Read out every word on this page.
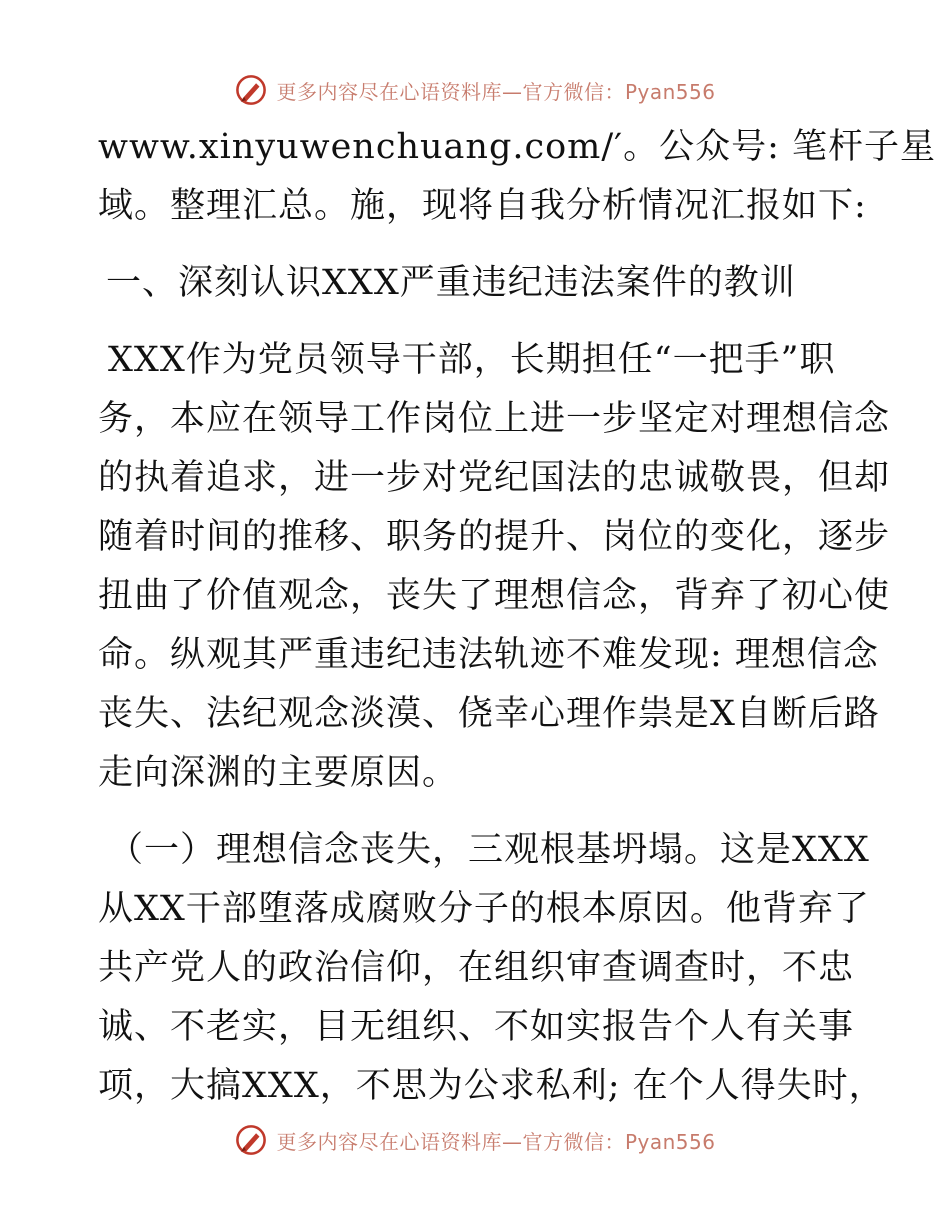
更多内容尽在心语资料库—官方微信：Pyan556
www.xinyuwenchuang.com/′。公众号: 笔杆子星
域。整理汇总。施，现将自我分析情况汇报如下:
一、深刻认识XXX严重违纪违法案件的教训
XXX作为党员领导干部，长期担任“一把手”职
务，本应在领导工作岗位上进一步坚定对理想信念
的执着追求，进一步对党纪国法的忠诚敬畏，但却
随着时间的推移、职务的提升、岗位的变化，逐步
扭曲了价值观念，丧失了理想信念，背弃了初心使
命。纵观其严重违纪违法轨迹不难发现: 理想信念
丧失、法纪观念淡漠、侥幸心理作祟是X自断后路
走向深渊的主要原因。
（一）理想信念丧失，三观根基坍塌。这是XXX
从XX干部堕落成腐败分子的根本原因。他背弃了
共产党人的政治信仰，在组织审查调查时，不忠
诚、不老实，目无组织、不如实报告个人有关事
项，大搞XXX，不思为公求私利; 在个人得失时，
更多内容尽在心语资料库—官方微信：Pyan556
